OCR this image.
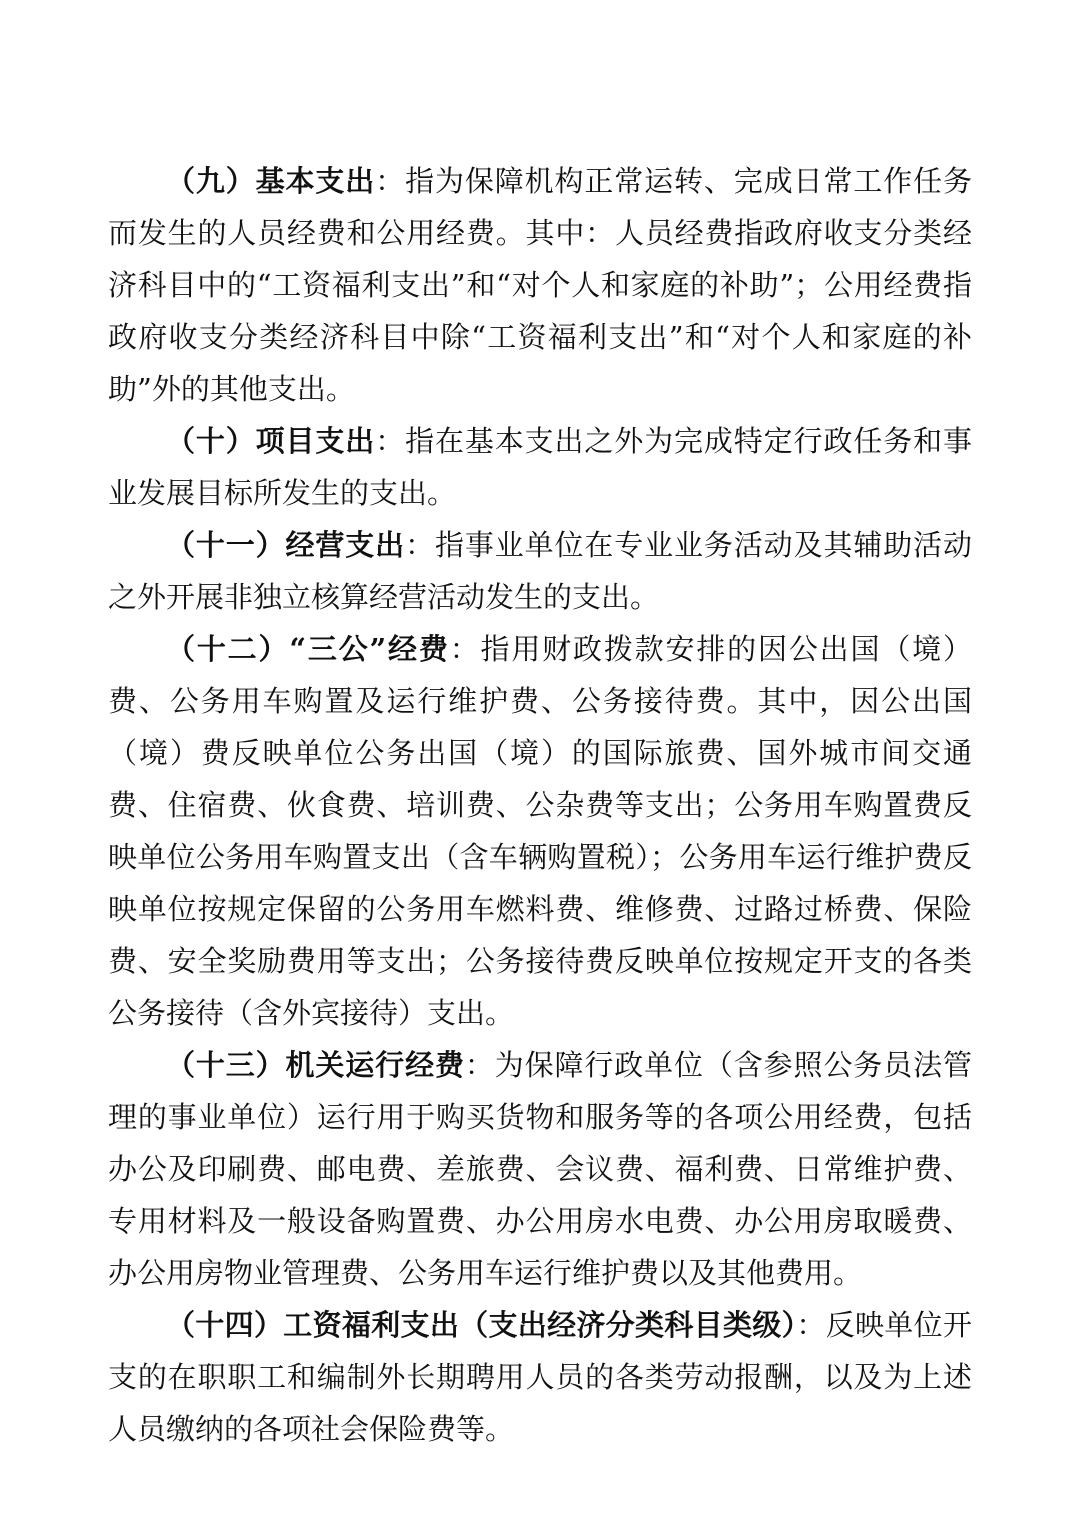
（九）基本支出：指为保障机构正常运转、完成日常工作任务而发生的人员经费和公用经费。其中：人员经费指政府收支分类经济科目中的“工资福利支出”和“对个人和家庭的补助”；公用经费指政府收支分类经济科目中除“工资福利支出”和“对个人和家庭的补助”外的其他支出。

（十）项目支出：指在基本支出之外为完成特定行政任务和事业发展目标所发生的支出。

（十一）经营支出：指事业单位在专业业务活动及其辅助活动之外开展非独立核算经营活动发生的支出。

（十二）“三公”经费：指用财政拨款安排的因公出国（境）费、公务用车购置及运行维护费、公务接待费。其中，因公出国（境）费反映单位公务出国（境）的国际旅费、国外城市间交通费、住宿费、伙食费、培训费、公杂费等支出；公务用车购置费反映单位公务用车购置支出（含车辆购置税）；公务用车运行维护费反映单位按规定保留的公务用车燃料费、维修费、过路过桥费、保险费、安全奖励费用等支出；公务接待费反映单位按规定开支的各类公务接待（含外宾接待）支出。

（十三）机关运行经费：为保障行政单位（含参照公务员法管理的事业单位）运行用于购买货物和服务等的各项公用经费，包括办公及印刷费、邮电费、差旅费、会议费、福利费、日常维护费、专用材料及一般设备购置费、办公用房水电费、办公用房取暖费、办公用房物业管理费、公务用车运行维护费以及其他费用。

（十四）工资福利支出（支出经济分类科目类级）：反映单位开支的在职职工和编制外长期聘用人员的各类劳动报酬，以及为上述人员缴纳的各项社会保险费等。
